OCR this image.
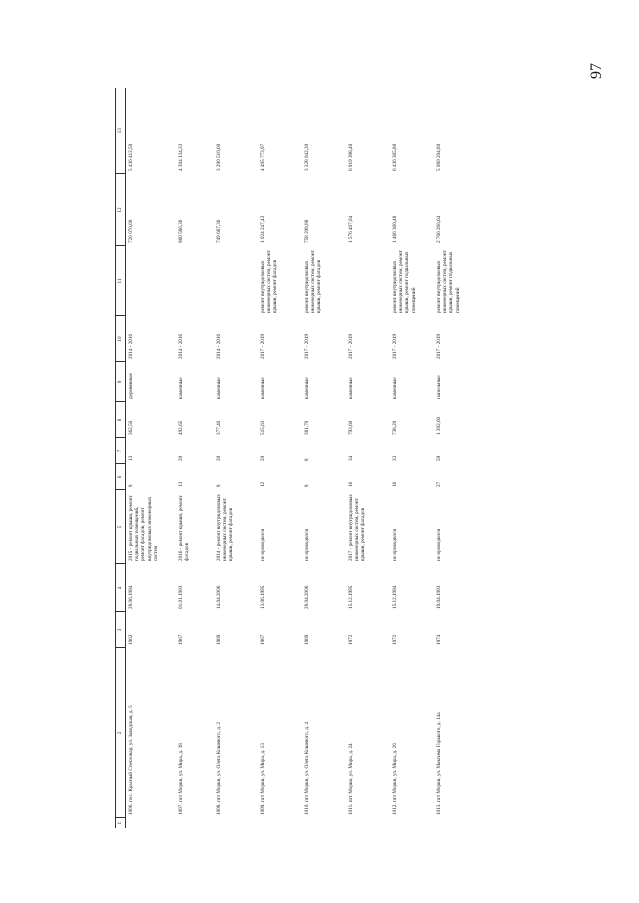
97
1	2	3	4	5	6	7	8	9	10	11	12	13
	1006. пос. Красный Стекловар, ул. Заводская, д. 5	1962	28.06.1994	2015 - ремонт крыши, ремонт подвальных помещений, ремонт фасадов, ремонт внутридомовых инженерных систем	8	13	362,50	деревянные	2014 - 2016		720 070,00	5 436 412,50
	1007. пгт Морки, ул. Мира, д. 38	1967	01.01.1993	2016 - ремонт крыши, ремонт фасадов	13	20	492,65	каменные	2014 - 2016		980 586,36	4 304 134,33
	1008. пгт Морки, ул. Олега Кошевого, д. 2	1969	14.04.2006	2014 - ремонт внутридомовых инженерных систем, ремонт крыши, ремонт фасадов	8	20	377,40	каменные	2014 - 2016		749 667,36	3 290 510,60
	1009. пгт Морки, ул. Мира, д. 13	1967	13.06.1995	не проводился	12	20	515,63	каменные	2017 - 2019	ремонт внутридомовых инженерных систем, ремонт крыши, ремонт фасадов	1 024 247,43	4 495 773,97
	1010. пгт Морки, ул. Олега Кошевого, д. 4	1969	28.04.2006	не проводился	8	8	381,70	каменные	2017 - 2019	ремонт внутридомовых инженерных систем, ремонт крыши, ремонт фасадов	758 208,88	3 328 042,30
	1011. пгт Морки, ул. Мира, д. 24	1972	15.12.1995	2017 - ремонт внутридомовых инженерных систем, ремонт крыши, ремонт фасадов	16	34	793,60	каменные	2017 - 2019		1 576 407,04	6 919 398,40
	1012. пгт Морки, ул. Мира, д. 26	1972	15.12.1994	не проводился	16	33	738,20	каменные	2017 - 2019	ремонт внутридомовых инженерных систем, ремонт крыши, ремонт подвальных помещений	1 466 360,48	6 436 365,80
	1013. пгт Морки, ул. Максима Горького, д. 14а	1974	19.04.1993	не проводился	27	59	1 392,60	панельные	2017 - 2019	ремонт внутридомовых инженерных систем, ремонт крыши, ремонт подвальных помещений	2 766 260,64	5 080 204,80
